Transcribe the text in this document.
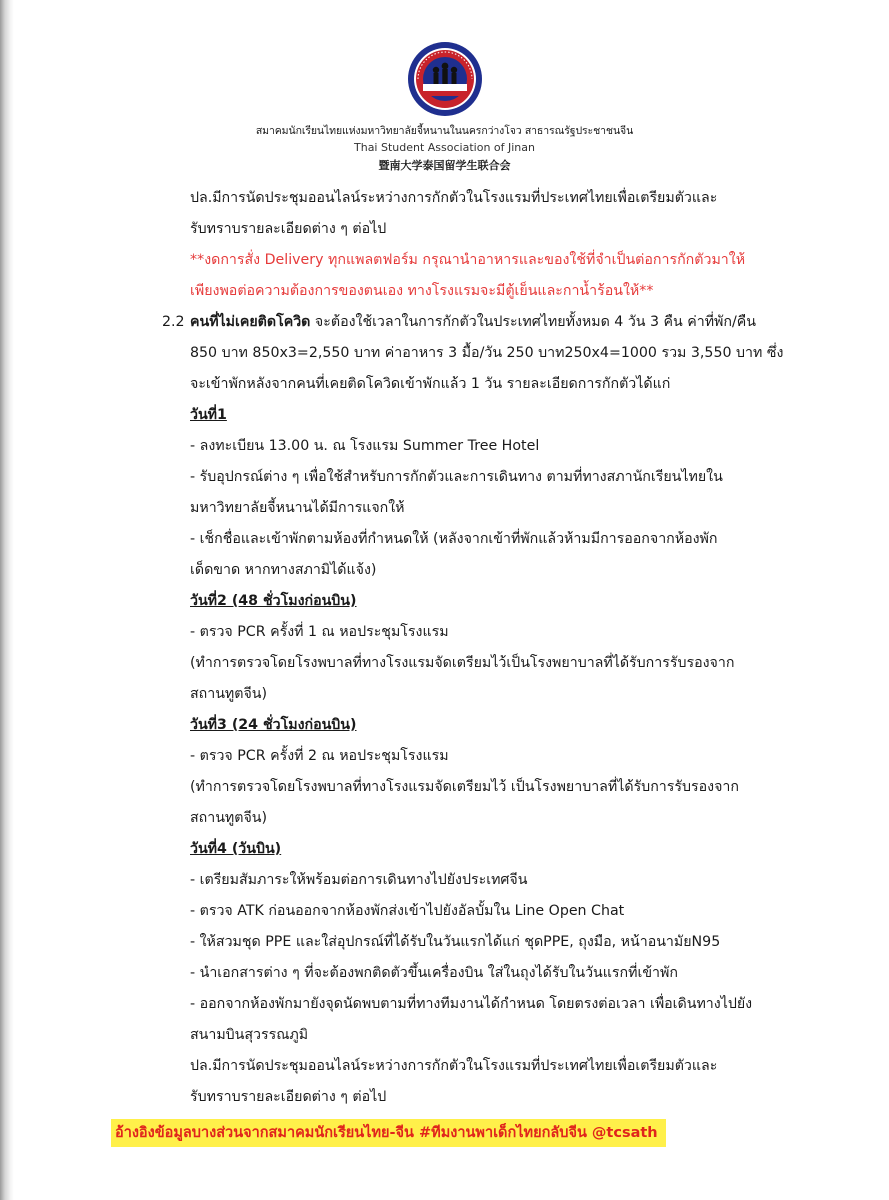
สมาคมนักเรียนไทยแห่งมหาวิทยาลัยจี้หนานในนครกว่างโจว สาธารณรัฐประชาชนจีน
Thai Student Association of Jinan
暨南大学泰国留学生联合会

ปล.มีการนัดประชุมออนไลน์ระหว่างการกักตัวในโรงแรมที่ประเทศไทยเพื่อเตรียมตัวและ

รับทราบรายละเอียดต่าง ๆ ต่อไป

**งดการสั่ง Delivery ทุกแพลตฟอร์ม กรุณานำอาหารและของใช้ที่จำเป็นต่อการกักตัวมาให้

เพียงพอต่อความต้องการของตนเอง ทางโรงแรมจะมีตู้เย็นและกาน้ำร้อนให้**

2.2 คนที่ไม่เคยติดโควิด จะต้องใช้เวลาในการกักตัวในประเทศไทยทั้งหมด 4 วัน 3 คืน ค่าที่พัก/คืน

850 บาท 850x3=2,550 บาท ค่าอาหาร 3 มื้อ/วัน 250 บาท250x4=1000 รวม 3,550 บาท ซึ่ง

จะเข้าพักหลังจากคนที่เคยติดโควิดเข้าพักแล้ว 1 วัน รายละเอียดการกักตัวได้แก่

วันที่1

- ลงทะเบียน 13.00 น. ณ โรงแรม Summer Tree Hotel

- รับอุปกรณ์ต่าง ๆ เพื่อใช้สำหรับการกักตัวและการเดินทาง ตามที่ทางสภานักเรียนไทยใน

มหาวิทยาลัยจี้หนานได้มีการแจกให้

- เช็กชื่อและเข้าพักตามห้องที่กำหนดให้ (หลังจากเข้าที่พักแล้วห้ามมีการออกจากห้องพัก

เด็ดขาด หากทางสภามิได้แจ้ง)

วันที่2 (48 ชั่วโมงก่อนบิน)

- ตรวจ PCR ครั้งที่ 1 ณ หอประชุมโรงแรม

(ทำการตรวจโดยโรงพบาลที่ทางโรงแรมจัดเตรียมไว้เป็นโรงพยาบาลที่ได้รับการรับรองจาก

สถานทูตจีน)

วันที่3 (24 ชั่วโมงก่อนบิน)

- ตรวจ PCR ครั้งที่ 2 ณ หอประชุมโรงแรม

(ทำการตรวจโดยโรงพบาลที่ทางโรงแรมจัดเตรียมไว้ เป็นโรงพยาบาลที่ได้รับการรับรองจาก

สถานทูตจีน)

วันที่4 (วันบิน)

- เตรียมสัมภาระให้พร้อมต่อการเดินทางไปยังประเทศจีน

- ตรวจ ATK ก่อนออกจากห้องพักส่งเข้าไปยังอัลบั้มใน Line Open Chat

- ให้สวมชุด PPE และใส่อุปกรณ์ที่ได้รับในวันแรกได้แก่ ชุดPPE, ถุงมือ, หน้าอนามัยN95

- นำเอกสารต่าง ๆ ที่จะต้องพกติดตัวขึ้นเครื่องบิน ใส่ในถุงได้รับในวันแรกที่เข้าพัก

- ออกจากห้องพักมายังจุดนัดพบตามที่ทางทีมงานได้กำหนด โดยตรงต่อเวลา เพื่อเดินทางไปยัง

สนามบินสุวรรณภูมิ

ปล.มีการนัดประชุมออนไลน์ระหว่างการกักตัวในโรงแรมที่ประเทศไทยเพื่อเตรียมตัวและ

รับทราบรายละเอียดต่าง ๆ ต่อไป

อ้างอิงข้อมูลบางส่วนจากสมาคมนักเรียนไทย-จีน #ทีมงานพาเด็กไทยกลับจีน @tcsath
